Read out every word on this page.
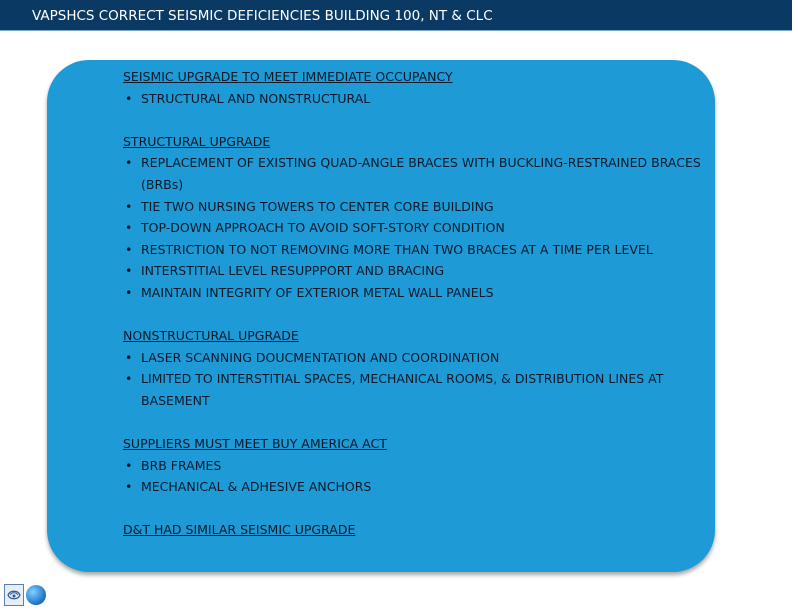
VAPSHCS CORRECT SEISMIC DEFICIENCIES BUILDING 100, NT & CLC
SEISMIC UPGRADE TO MEET IMMEDIATE OCCUPANCY
• STRUCTURAL AND NONSTRUCTURAL
STRUCTURAL UPGRADE
• REPLACEMENT OF EXISTING QUAD-ANGLE BRACES WITH BUCKLING-RESTRAINED BRACES (BRBs)
• TIE TWO NURSING TOWERS TO CENTER CORE BUILDING
• TOP-DOWN APPROACH TO AVOID SOFT-STORY CONDITION
• RESTRICTION TO NOT REMOVING MORE THAN TWO BRACES AT A TIME PER LEVEL
• INTERSTITIAL LEVEL RESUPPPORT AND BRACING
• MAINTAIN INTEGRITY OF EXTERIOR METAL WALL PANELS
NONSTRUCTURAL UPGRADE
• LASER SCANNING DOUCMENTATION AND COORDINATION
• LIMITED TO INTERSTITIAL SPACES, MECHANICAL ROOMS, & DISTRIBUTION LINES AT BASEMENT
SUPPLIERS MUST MEET BUY AMERICA ACT
• BRB FRAMES
• MECHANICAL & ADHESIVE ANCHORS
D&T HAD SIMILAR SEISMIC UPGRADE
